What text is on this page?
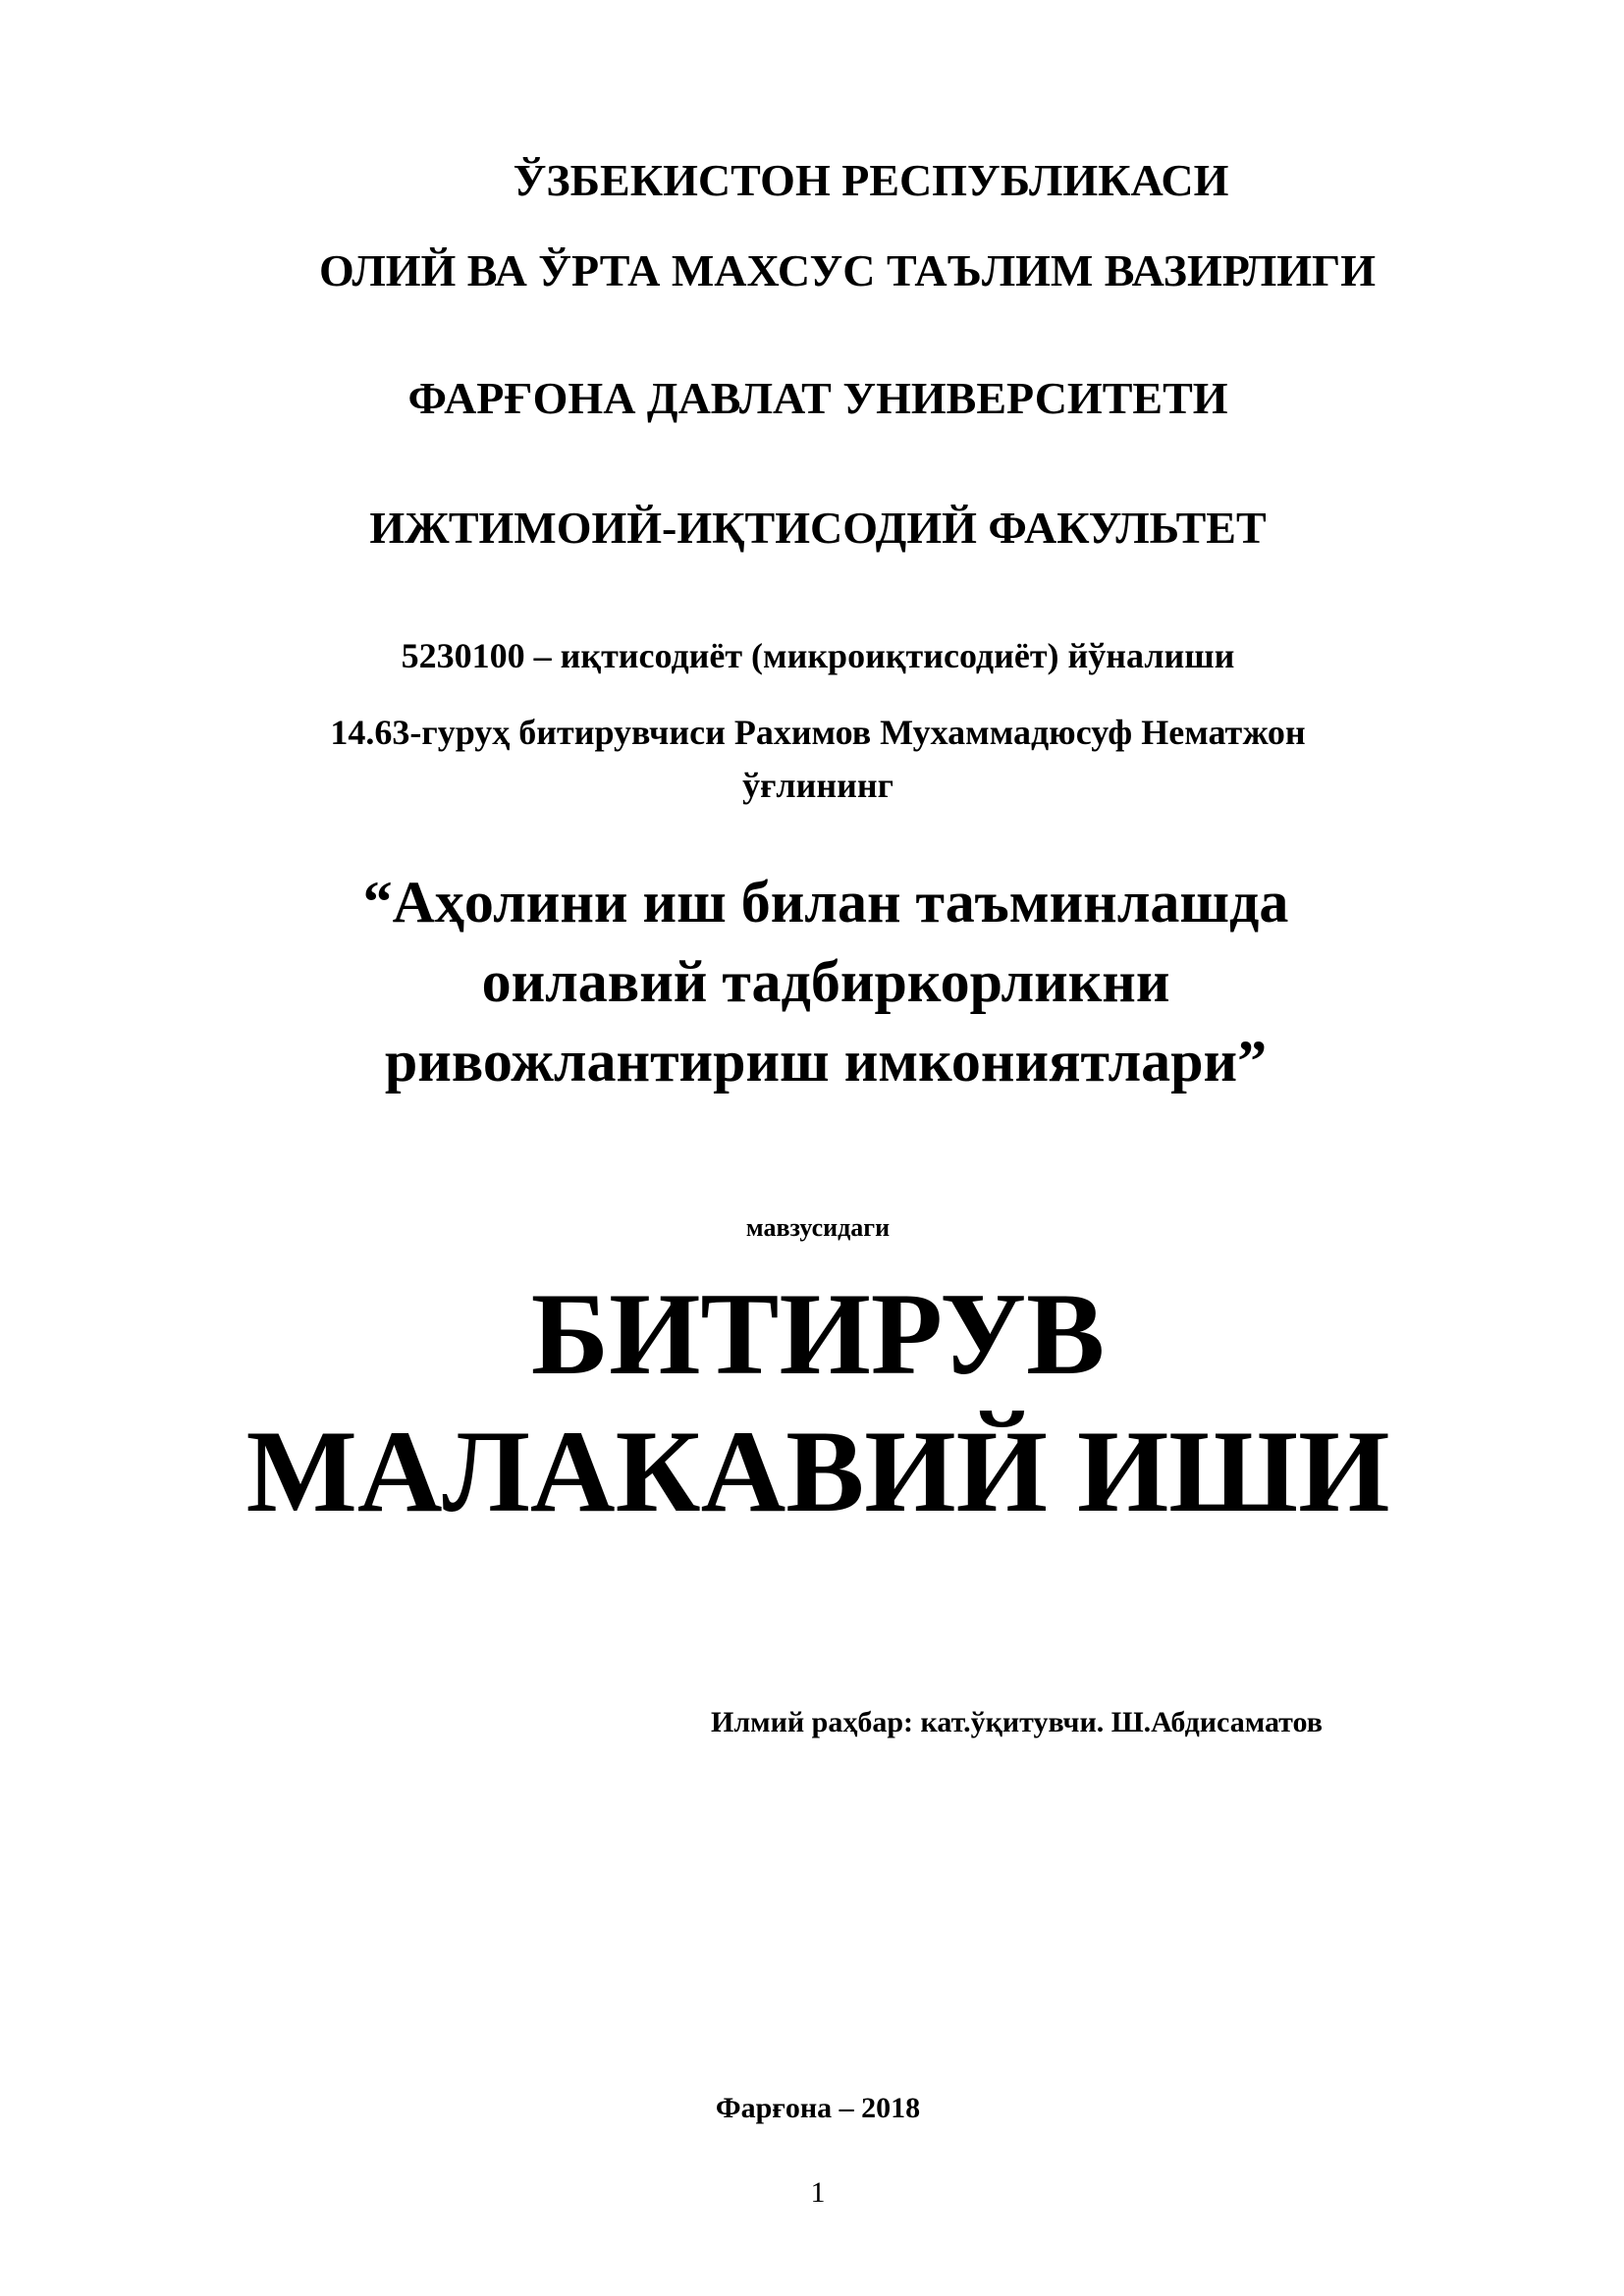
ЎЗБЕКИСТОН РЕСПУБЛИКАСИ

ОЛИЙ ВА ЎРТА МАХСУС ТАЪЛИМ ВАЗИРЛИГИ

ФАРҒОНА ДАВЛАТ УНИВЕРСИТЕТИ

ИЖТИМОИЙ-ИҚТИСОДИЙ ФАКУЛЬТЕТ

5230100 – иқтисодиёт (микроиқтисодиёт) йўналиши

14.63-гуруҳ битирувчиси Рахимов Мухаммадюсуф Нематжон

ўғлининг

“Аҳолини иш билан таъминлашда

оилавий тадбиркорликни

ривожлантириш имкониятлари”

мавзусидаги

БИТИРУВ

МАЛАКАВИЙ ИШИ

Илмий раҳбар: кат.ўқитувчи. Ш.Абдисаматов

Фарғона – 2018

1
